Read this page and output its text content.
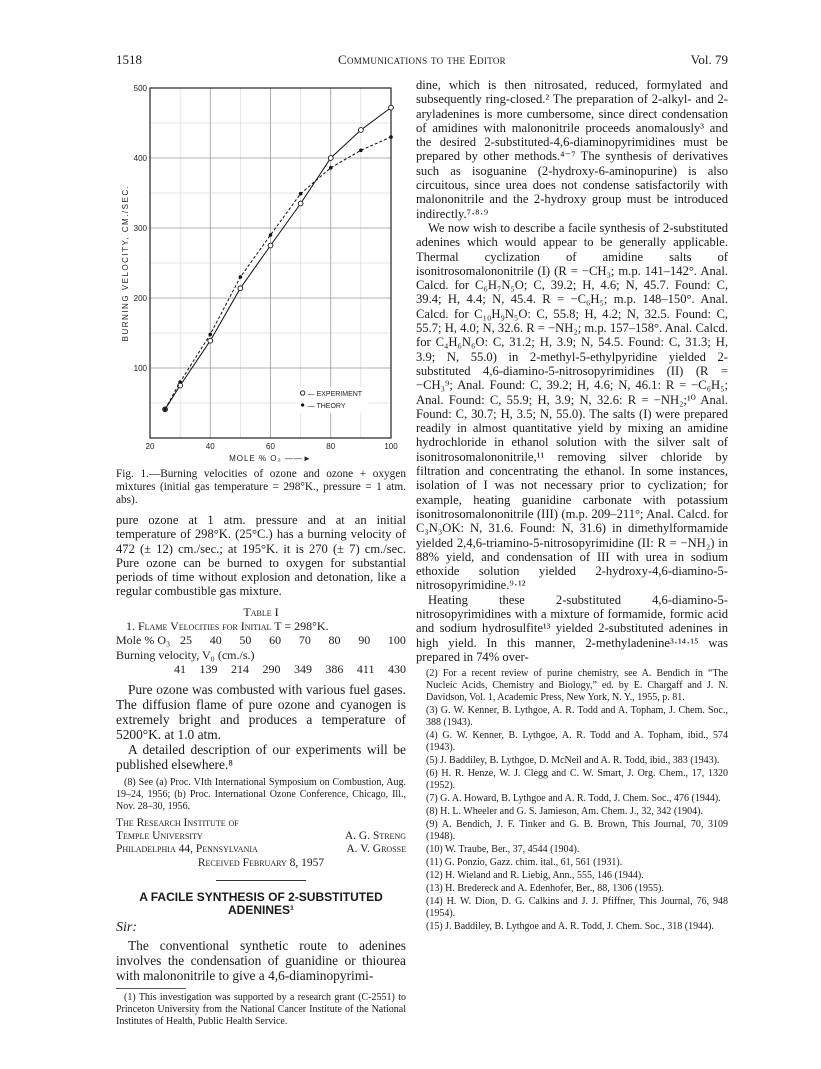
1518	Communications to the Editor	Vol. 79
20	40	60	80	100
100
200
300
400
500
MOLE % O₃ ——►
BURNING VELOCITY, CM./SEC.
— EXPERIMENT
— THEORY
Fig. 1.—Burning velocities of ozone and ozone + oxygen mixtures (initial gas temperature = 298°K., pressure = 1 atm. abs).

pure ozone at 1 atm. pressure and at an initial temperature of 298°K. (25°C.) has a burning velocity of 472 (± 12) cm./sec.; at 195°K. it is 270 (± 7) cm./sec. Pure ozone can be burned to oxygen for substantial periods of time without explosion and detonation, like a regular combustible gas mixture.

Table I
1. Flame Velocities for Initial T = 298°K.
Mole % O₃ 25 40 50 60 70 80 90 100
Burning velocity, V₀ (cm./s.)
41 139 214 290 349 386 411 430

Pure ozone was combusted with various fuel gases. The diffusion flame of pure ozone and cyanogen is extremely bright and produces a temperature of 5200°K. at 1.0 atm.

A detailed description of our experiments will be published elsewhere.⁸

(8) See (a) Proc. VIth International Symposium on Combustion, Aug. 19–24, 1956; (b) Proc. International Ozone Conference, Chicago, Ill., Nov. 28–30, 1956.
The Research Institute of
Temple University	A. G. Streng
Philadelphia 44, Pennsylvania	A. V. Grosse
Received February 8, 1957
A FACILE SYNTHESIS OF 2-SUBSTITUTED ADENINES¹
Sir:

The conventional synthetic route to adenines involves the condensation of guanidine or thiourea with malononitrile to give a 4,6-diaminopyrimi-

(1) This investigation was supported by a research grant (C-2551) to Princeton University from the National Cancer Institute of the National Institutes of Health, Public Health Service.

dine, which is then nitrosated, reduced, formylated and subsequently ring-closed.² The preparation of 2-alkyl- and 2-aryladenines is more cumbersome, since direct condensation of amidines with malononitrile proceeds anomalously³ and the desired 2-substituted-4,6-diaminopyrimidines must be prepared by other methods.⁴⁻⁷ The synthesis of derivatives such as isoguanine (2-hydroxy-6-aminopurine) is also circuitous, since urea does not condense satisfactorily with malononitrile and the 2-hydroxy group must be introduced indirectly.⁷·⁸·⁹

We now wish to describe a facile synthesis of 2-substituted adenines which would appear to be generally applicable. Thermal cyclization of amidine salts of isonitrosomalononitrile (I) (R = −CH₃; m.p. 141–142°. Anal. Calcd. for C₆H₇N₅O; C, 39.2; H, 4.6; N, 45.7. Found: C, 39.4; H, 4.4; N, 45.4. R = −C₆H₅; m.p. 148–150°. Anal. Calcd. for C₁₀H₉N₅O: C, 55.8; H, 4.2; N, 32.5. Found: C, 55.7; H, 4.0; N, 32.6. R = −NH₂; m.p. 157–158°. Anal. Calcd. for C₄H₆N₆O: C, 31.2; H, 3.9; N, 54.5. Found: C, 31.3; H, 3.9; N, 55.0) in 2-methyl-5-ethylpyridine yielded 2-substituted 4,6-diamino-5-nitrosopyrimidines (II) (R = −CH₃⁹; Anal. Found: C, 39.2; H, 4.6; N, 46.1: R = −C₆H₅; Anal. Found: C, 55.9; H, 3.9; N, 32.6: R = −NH₂;¹⁰ Anal. Found: C, 30.7; H, 3.5; N, 55.0). The salts (I) were prepared readily in almost quantitative yield by mixing an amidine hydrochloride in ethanol solution with the silver salt of isonitrosomalononitrile,¹¹ removing silver chloride by filtration and concentrating the ethanol. In some instances, isolation of I was not necessary prior to cyclization; for example, heating guanidine carbonate with potassium isonitrosomalononitrile (III) (m.p. 209–211°; Anal. Calcd. for C₃N₃OK: N, 31.6. Found: N, 31.6) in dimethylformamide yielded 2,4,6-triamino-5-nitrosopyrimidine (II: R = −NH₂) in 88% yield, and condensation of III with urea in sodium ethoxide solution yielded 2-hydroxy-4,6-diamino-5-nitrosopyrimidine.⁹·¹²

Heating these 2-substituted 4,6-diamino-5-nitrosopyrimidines with a mixture of formamide, formic acid and sodium hydrosulfite¹³ yielded 2-substituted adenines in high yield. In this manner, 2-methyladenine³·¹⁴·¹⁵ was prepared in 74% over-

(2) For a recent review of purine chemistry, see A. Bendich in “The Nucleic Acids, Chemistry and Biology,” ed. by E. Chargaff and J. N. Davidson, Vol. 1, Academic Press, New York, N. Y., 1955, p. 81.
(3) G. W. Kenner, B. Lythgoe, A. R. Todd and A. Topham, J. Chem. Soc., 388 (1943).
(4) G. W. Kenner, B. Lythgoe, A. R. Todd and A. Topham, ibid., 574 (1943).
(5) J. Baddiley, B. Lythgoe, D. McNeil and A. R. Todd, ibid., 383 (1943).
(6) H. R. Henze, W. J. Clegg and C. W. Smart, J. Org. Chem., 17, 1320 (1952).
(7) G. A. Howard, B. Lythgoe and A. R. Todd, J. Chem. Soc., 476 (1944).
(8) H. L. Wheeler and G. S. Jamieson, Am. Chem. J., 32, 342 (1904).
(9) A. Bendich, J. F. Tinker and G. B. Brown, This Journal, 70, 3109 (1948).
(10) W. Traube, Ber., 37, 4544 (1904).
(11) G. Ponzio, Gazz. chim. ital., 61, 561 (1931).
(12) H. Wieland and R. Liebig, Ann., 555, 146 (1944).
(13) H. Bredereck and A. Edenhofer, Ber., 88, 1306 (1955).
(14) H. W. Dion, D. G. Calkins and J. J. Pfiffner, This Journal, 76, 948 (1954).
(15) J. Baddiley, B. Lythgoe and A. R. Todd, J. Chem. Soc., 318 (1944).
